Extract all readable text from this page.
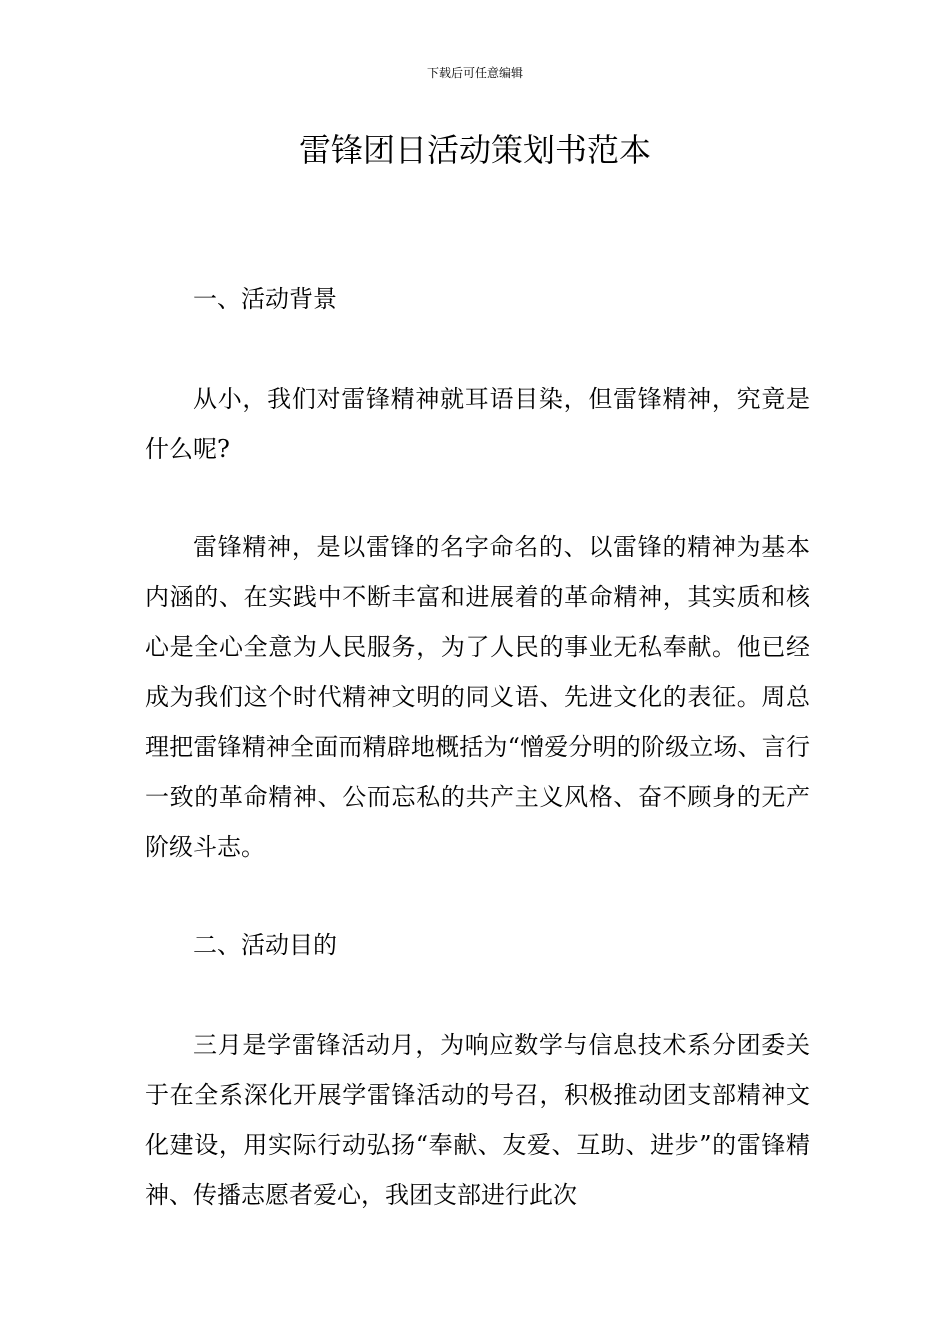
下载后可任意编辑
雷锋团日活动策划书范本

一、活动背景

从小，我们对雷锋精神就耳语目染，但雷锋精神，究竟是什么呢?

雷锋精神，是以雷锋的名字命名的、以雷锋的精神为基本内涵的、在实践中不断丰富和进展着的革命精神，其实质和核心是全心全意为人民服务，为了人民的事业无私奉献。他已经成为我们这个时代精神文明的同义语、先进文化的表征。周总理把雷锋精神全面而精辟地概括为“憎爱分明的阶级立场、言行一致的革命精神、公而忘私的共产主义风格、奋不顾身的无产阶级斗志。

二、活动目的

三月是学雷锋活动月，为响应数学与信息技术系分团委关于在全系深化开展学雷锋活动的号召，积极推动团支部精神文化建设，用实际行动弘扬“奉献、友爱、互助、进步”的雷锋精神、传播志愿者爱心，我团支部进行此次
